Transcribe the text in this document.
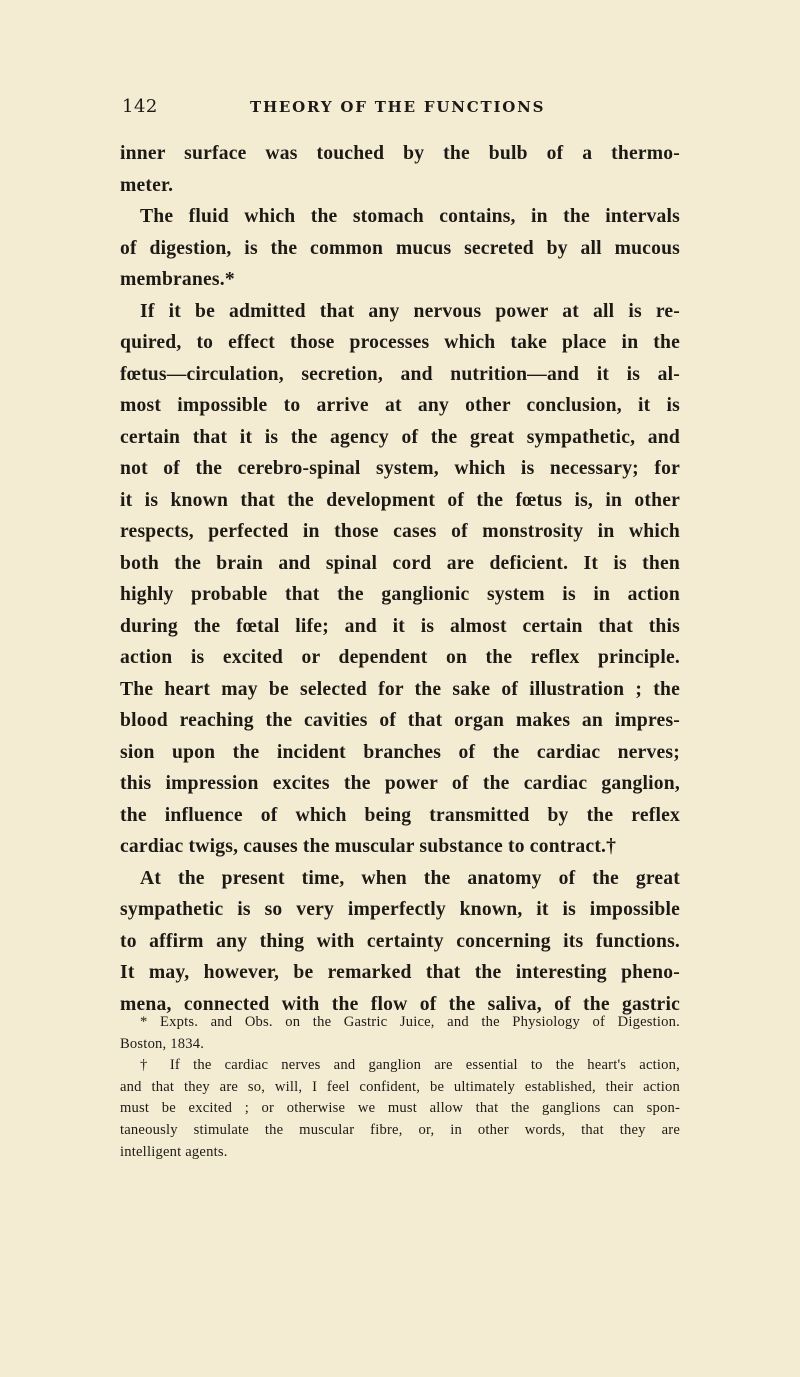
142	THEORY OF THE FUNCTIONS
inner surface was touched by the bulb of a thermo-
meter.
The fluid which the stomach contains, in the intervals
of digestion, is the common mucus secreted by all mucous
membranes.*
If it be admitted that any nervous power at all is re-
quired, to effect those processes which take place in the
fœtus—circulation, secretion, and nutrition—and it is al-
most impossible to arrive at any other conclusion, it is
certain that it is the agency of the great sympathetic, and
not of the cerebro-spinal system, which is necessary; for
it is known that the development of the fœtus is, in other
respects, perfected in those cases of monstrosity in which
both the brain and spinal cord are deficient. It is then
highly probable that the ganglionic system is in action
during the fœtal life; and it is almost certain that this
action is excited or dependent on the reflex principle.
The heart may be selected for the sake of illustration ; the
blood reaching the cavities of that organ makes an impres-
sion upon the incident branches of the cardiac nerves;
this impression excites the power of the cardiac ganglion,
the influence of which being transmitted by the reflex
cardiac twigs, causes the muscular substance to contract.†
At the present time, when the anatomy of the great
sympathetic is so very imperfectly known, it is impossible
to affirm any thing with certainty concerning its functions.
It may, however, be remarked that the interesting pheno-
mena, connected with the flow of the saliva, of the gastric
* Expts. and Obs. on the Gastric Juice, and the Physiology of Digestion.
Boston, 1834.
† If the cardiac nerves and ganglion are essential to the heart's action,
and that they are so, will, I feel confident, be ultimately established, their action
must be excited ; or otherwise we must allow that the ganglions can spon-
taneously stimulate the muscular fibre, or, in other words, that they are
intelligent agents.
